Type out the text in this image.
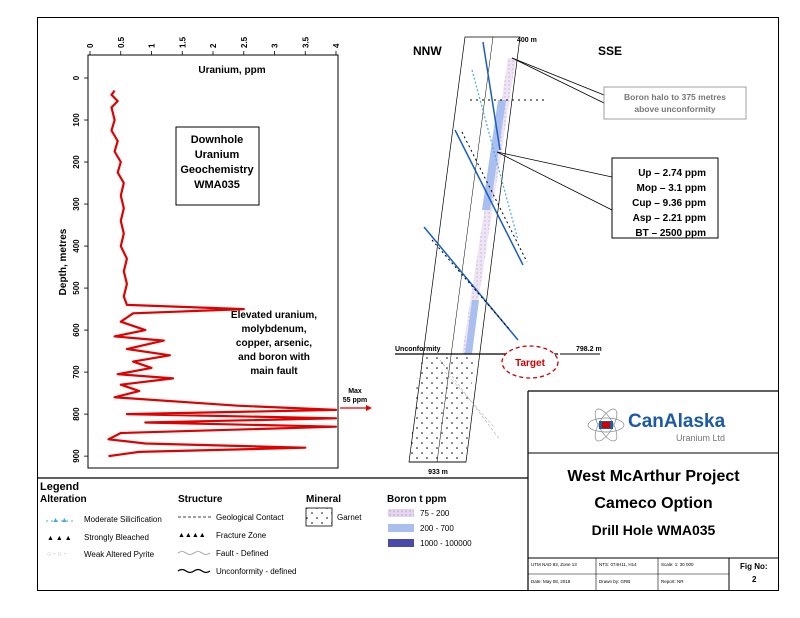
0	0.5	1	1.5	2	2.5	3	3.5	4
0
100
200
300
400
500
600
700
800
900
Uranium, ppm
Depth, metres
Downhole
Uranium
Geochemistry
WMA035
Elevated uranium,
molybdenum,
copper, arsenic,
and boron with
main fault
Max
55 ppm
NNW	SSE
400 m
Boron halo to 375 metres
above unconformity
Up – 2.74 ppm
Mop – 3.1 ppm
Cup – 9.36 ppm
Asp – 2.21 ppm
BT – 2500 ppm
Unconformity	798.2 m
Target
933 m
▲ ▲
▲ ▲ ▲
○ - ○ -
▲▲▲▲
Legend
Alteration
Moderate Silicification
Strongly Bleached
Weak Altered Pyrite
Structure
Geological Contact
Fracture Zone
Fault - Defined
Unconformity - defined
Mineral
Garnet
Boron t ppm
75 - 200
200 - 700
1000 - 100000
CanAlaska
Uranium Ltd
West McArthur Project
Cameco Option
Drill Hole WMA035
UTM NAD 83, Zone 13	NTS: 074H11, H14	Scale: 1: 30 000
Date: May 08, 2018	Drawn by: GRB	Report: NR
Fig No:
2
